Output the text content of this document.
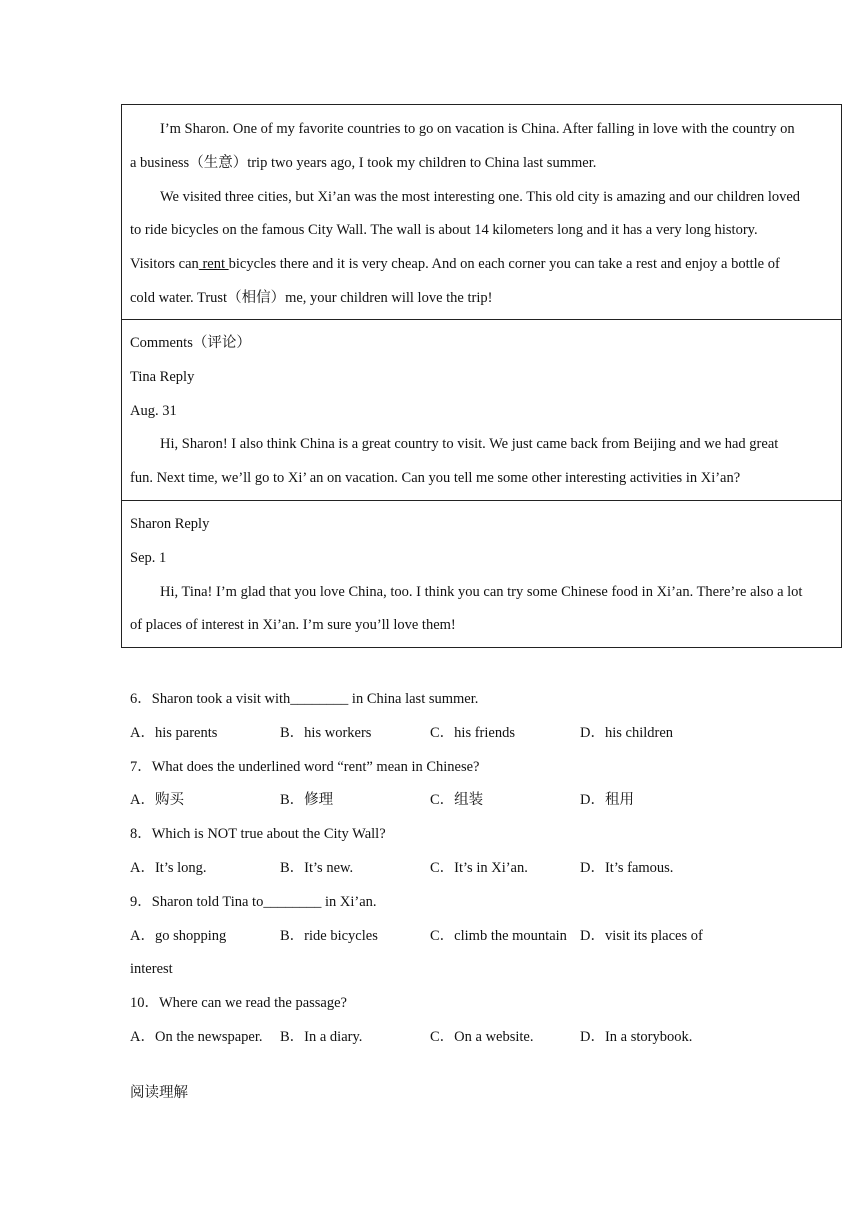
I’m Sharon. One of my favorite countries to go on vacation is China. After falling in love with the country on
a business（生意）trip two years ago, I took my children to China last summer.
We visited three cities, but Xi’an was the most interesting one. This old city is amazing and our children loved
to ride bicycles on the famous City Wall. The wall is about 14 kilometers long and it has a very long history.
Visitors can rent bicycles there and it is very cheap. And on each corner you can take a rest and enjoy a bottle of
cold water. Trust（相信）me, your children will love the trip!
Comments（评论）
Tina Reply
Aug. 31
Hi, Sharon! I also think China is a great country to visit. We just came back from Beijing and we had great
fun. Next time, we’ll go to Xi’ an on vacation. Can you tell me some other interesting activities in Xi’an?
Sharon Reply
Sep. 1
Hi, Tina! I’m glad that you love China, too. I think you can try some Chinese food in Xi’an. There’re also a lot
of places of interest in Xi’an. I’m sure you’ll love them!
6．Sharon took a visit with________ in China last summer.
A．his parents	B．his workers	C．his friends	D．his children
7．What does the underlined word “rent” mean in Chinese?
A．购买	B．修理	C．组装	D．租用
8．Which is NOT true about the City Wall?
A．It’s long.	B．It’s new.	C．It’s in Xi’an.	D．It’s famous.
9．Sharon told Tina to________ in Xi’an.
A．go shopping	B．ride bicycles	C．climb the mountain D．visit its places of
interest
10．Where can we read the passage?
A．On the newspaper. B．In a diary.	C．On a website.	D．In a storybook.
阅读理解
